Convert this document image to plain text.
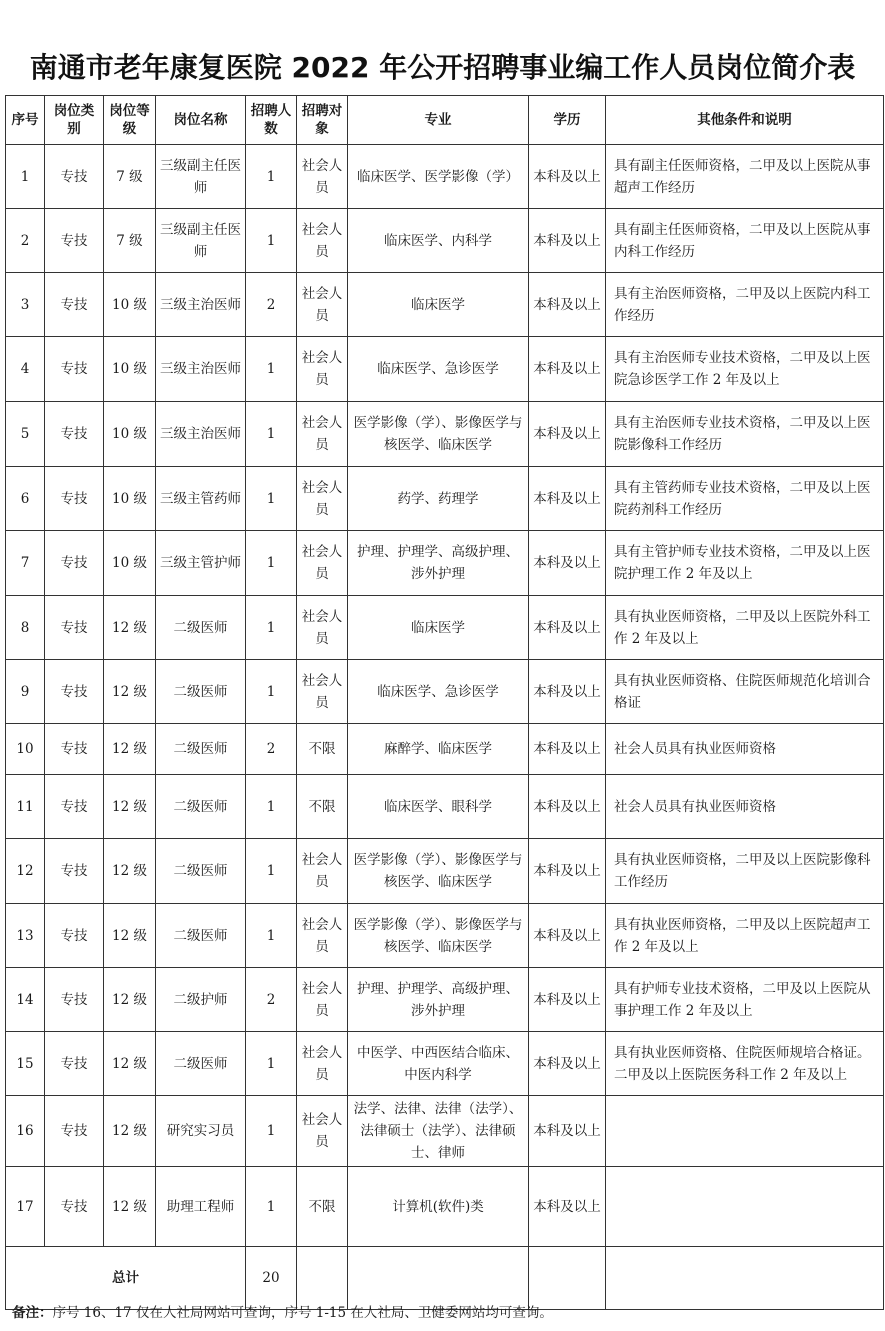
南通市老年康复医院 2022 年公开招聘事业编工作人员岗位简介表
序号	岗位类别	岗位等级	岗位名称	招聘人数	招聘对象	专业	学历	其他条件和说明
1	专技	7 级	三级副主任医师	1	社会人员	临床医学、医学影像（学）	本科及以上	具有副主任医师资格，二甲及以上医院从事超声工作经历
2	专技	7 级	三级副主任医师	1	社会人员	临床医学、内科学	本科及以上	具有副主任医师资格，二甲及以上医院从事内科工作经历
3	专技	10 级	三级主治医师	2	社会人员	临床医学	本科及以上	具有主治医师资格，二甲及以上医院内科工作经历
4	专技	10 级	三级主治医师	1	社会人员	临床医学、急诊医学	本科及以上	具有主治医师专业技术资格，二甲及以上医院急诊医学工作 2 年及以上
5	专技	10 级	三级主治医师	1	社会人员	医学影像（学）、影像医学与核医学、临床医学	本科及以上	具有主治医师专业技术资格，二甲及以上医院影像科工作经历
6	专技	10 级	三级主管药师	1	社会人员	药学、药理学	本科及以上	具有主管药师专业技术资格，二甲及以上医院药剂科工作经历
7	专技	10 级	三级主管护师	1	社会人员	护理、护理学、高级护理、涉外护理	本科及以上	具有主管护师专业技术资格，二甲及以上医院护理工作 2 年及以上
8	专技	12 级	二级医师	1	社会人员	临床医学	本科及以上	具有执业医师资格，二甲及以上医院外科工作 2 年及以上
9	专技	12 级	二级医师	1	社会人员	临床医学、急诊医学	本科及以上	具有执业医师资格、住院医师规范化培训合格证
10	专技	12 级	二级医师	2	不限	麻醉学、临床医学	本科及以上	社会人员具有执业医师资格
11	专技	12 级	二级医师	1	不限	临床医学、眼科学	本科及以上	社会人员具有执业医师资格
12	专技	12 级	二级医师	1	社会人员	医学影像（学）、影像医学与核医学、临床医学	本科及以上	具有执业医师资格，二甲及以上医院影像科工作经历
13	专技	12 级	二级医师	1	社会人员	医学影像（学）、影像医学与核医学、临床医学	本科及以上	具有执业医师资格，二甲及以上医院超声工作 2 年及以上
14	专技	12 级	二级护师	2	社会人员	护理、护理学、高级护理、涉外护理	本科及以上	具有护师专业技术资格，二甲及以上医院从事护理工作 2 年及以上
15	专技	12 级	二级医师	1	社会人员	中医学、中西医结合临床、中医内科学	本科及以上	具有执业医师资格、住院医师规培合格证。二甲及以上医院医务科工作 2 年及以上
16	专技	12 级	研究实习员	1	社会人员	法学、法律、法律（法学）、法律硕士（法学）、法律硕士、律师	本科及以上	
17	专技	12 级	助理工程师	1	不限	计算机(软件)类	本科及以上	
总计				20				
备注：序号 16、17 仅在人社局网站可查询，序号 1-15 在人社局、卫健委网站均可查询。
